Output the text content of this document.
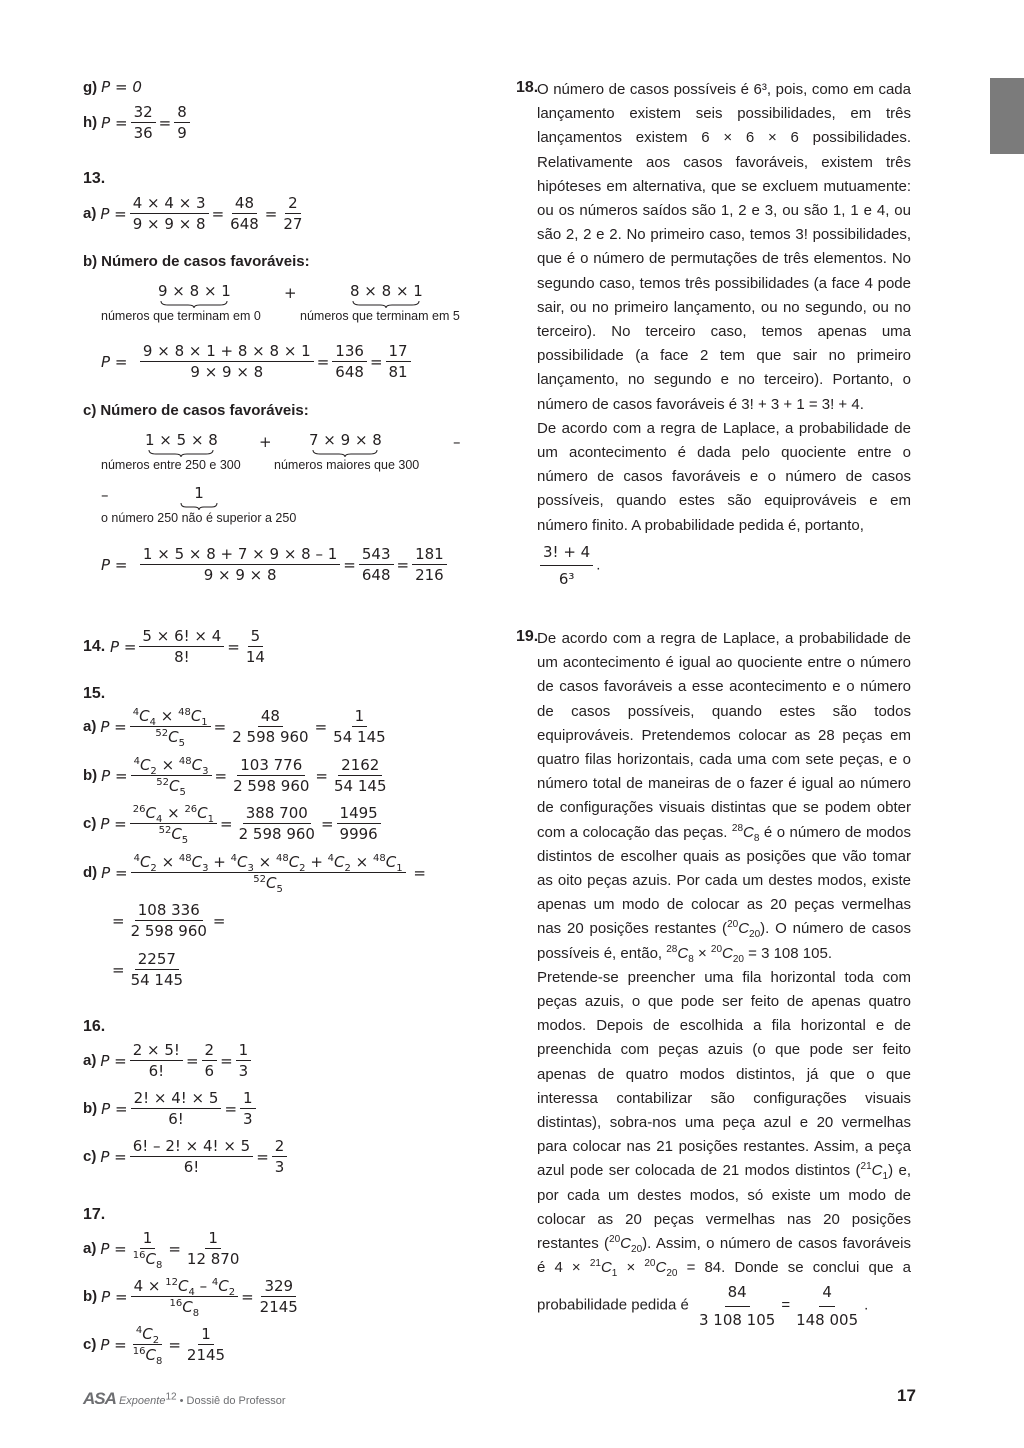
g) P = 0
h) $P = \frac{32}{36} = \frac{8}{9}$
13.
a) $P = \frac{4 \times 4 \times 3}{9 \times 9 \times 8} = \frac{48}{648} = \frac{2}{27}$
b) Número de casos favoráveis:
9 × 8 × 1
números que terminam em 0
+	8 × 8 × 1
números que terminam em 5
$P = \frac{9 \times 8 \times 1 + 8 \times 8 \times 1}{9 \times 9 \times 8} = \frac{136}{648} = \frac{17}{81}$
c) Número de casos favoráveis:
1 × 5 × 8
números entre 250 e 300
+ 7 × 9 × 8
números maiores que 300
–
–	1
o número 250 não é superior a 250
$P = \frac{1 \times 5 \times 8 + 7 \times 9 \times 8 - 1}{9 \times 9 \times 8} = \frac{543}{648} = \frac{181}{216}$
14.
$P = \frac{5 \times 6! \times 4}{8!} = \frac{5}{14}$
15.
a) $P = \frac{^4C_4 \times ^{48}C_1}{^{52}C_5} = \frac{48}{2 598 960} = \frac{1}{54 145}$
b) $P = \frac{^4C_2 \times ^{48}C_3}{^{52}C_5} = \frac{103 776}{2 598 960} = \frac{2162}{54 145}$
c) $P = \frac{^{26}C_4 \times ^{26}C_1}{^{52}C_5} = \frac{388 700}{2 598 960} = \frac{1495}{9996}$
d) $P = \frac{^4C_2 \times ^{48}C_3 + ^4C_3 \times ^{48}C_2 + ^4C_2 \times ^{48}C_1}{^{52}C_5}$ =
= $\frac{108 336}{2 598 960}$ =
= $\frac{2257}{54 145}$
16.
a) $P = \frac{2 \times 5!}{6!} = \frac{2}{6} = \frac{1}{3}$
b) $P = \frac{2! \times 4! \times 5}{6!} = \frac{1}{3}$
c) $P = \frac{6! - 2! \times 4! \times 5}{6!} = \frac{2}{3}$
17.
a) $P = \frac{1}{^{16}C_8} = \frac{1}{12 870}$
b) $P = \frac{4 \times ^{12}C_4 - ^4C_2}{^{16}C_8} = \frac{329}{2145}$
c) $P = \frac{^4C_2}{^{16}C_8} = \frac{1}{2145}$
18.

O número de casos possíveis é 6³, pois, como em cada lançamento existem seis possibilidades, em três lançamentos existem 6 × 6 × 6 possibilidades. Relativamente aos casos favoráveis, existem três hipóteses em alternativa, que se excluem mutuamente: ou os números saídos são 1, 2 e 3, ou são 1, 1 e 4, ou são 2, 2 e 2. No primeiro caso, temos 3! possibilidades, que é o número de permutações de três elementos. No segundo caso, temos três possibilidades (a face 4 pode sair, ou no primeiro lançamento, ou no segundo, ou no terceiro). No terceiro caso, temos apenas uma possibilidade (a face 2 tem que sair no primeiro lançamento, no segundo e no terceiro). Portanto, o número de casos favoráveis é 3! + 3 + 1 = 3! + 4.

De acordo com a regra de Laplace, a probabilidade de um acontecimento é dada pelo quociente entre o número de casos favoráveis e o número de casos possíveis, quando estes são equiprováveis e em número finito. A probabilidade pedida é, portanto,

$\frac{3! + 4}{\text{6³}}$ .

19.

De acordo com a regra de Laplace, a probabilidade de um acontecimento é igual ao quociente entre o número de casos favoráveis a esse acontecimento e o número de casos possíveis, quando estes são todos equiprováveis. Pretendemos colocar as 28 peças em quatro filas horizontais, cada uma com sete peças, e o número total de maneiras de o fazer é igual ao número de configurações visuais distintas que se podem obter com a colocação das peças. $^{28}C_8$ é o número de modos distintos de escolher quais as posições que vão tomar as oito peças azuis. Por cada um destes modos, existe apenas um modo de colocar as 20 peças vermelhas nas 20 posições restantes $(^{20}C_{20})$. O número de casos possíveis é, então, $^{28}C_8 \times ^{20}C_{20} = 3$ 108 105.

Pretende-se preencher uma fila horizontal toda com peças azuis, o que pode ser feito de apenas quatro modos. Depois de escolhida a fila horizontal e de preenchida com peças azuis (o que pode ser feito apenas de quatro modos distintos, já que o que interessa contabilizar são configurações visuais distintas), sobra-nos uma peça azul e 20 vermelhas para colocar nas 21 posições restantes. Assim, a peça azul pode ser colocada de 21 modos distintos $(^{21}C_1)$ e, por cada um destes modos, só existe um modo de colocar as 20 peças vermelhas nas 20 posições restantes $(^{20}C_{20})$. Assim, o número de casos favoráveis é $4 \times ^{21}C_1 \times ^{20}C_{20} = 84$. Donde se conclui que a probabilidade pedida é $\frac{84}{3 108 105} = \frac{4}{148 005}$ .

ASA Expoente$^{12}$ • Dossiê do Professor	17
